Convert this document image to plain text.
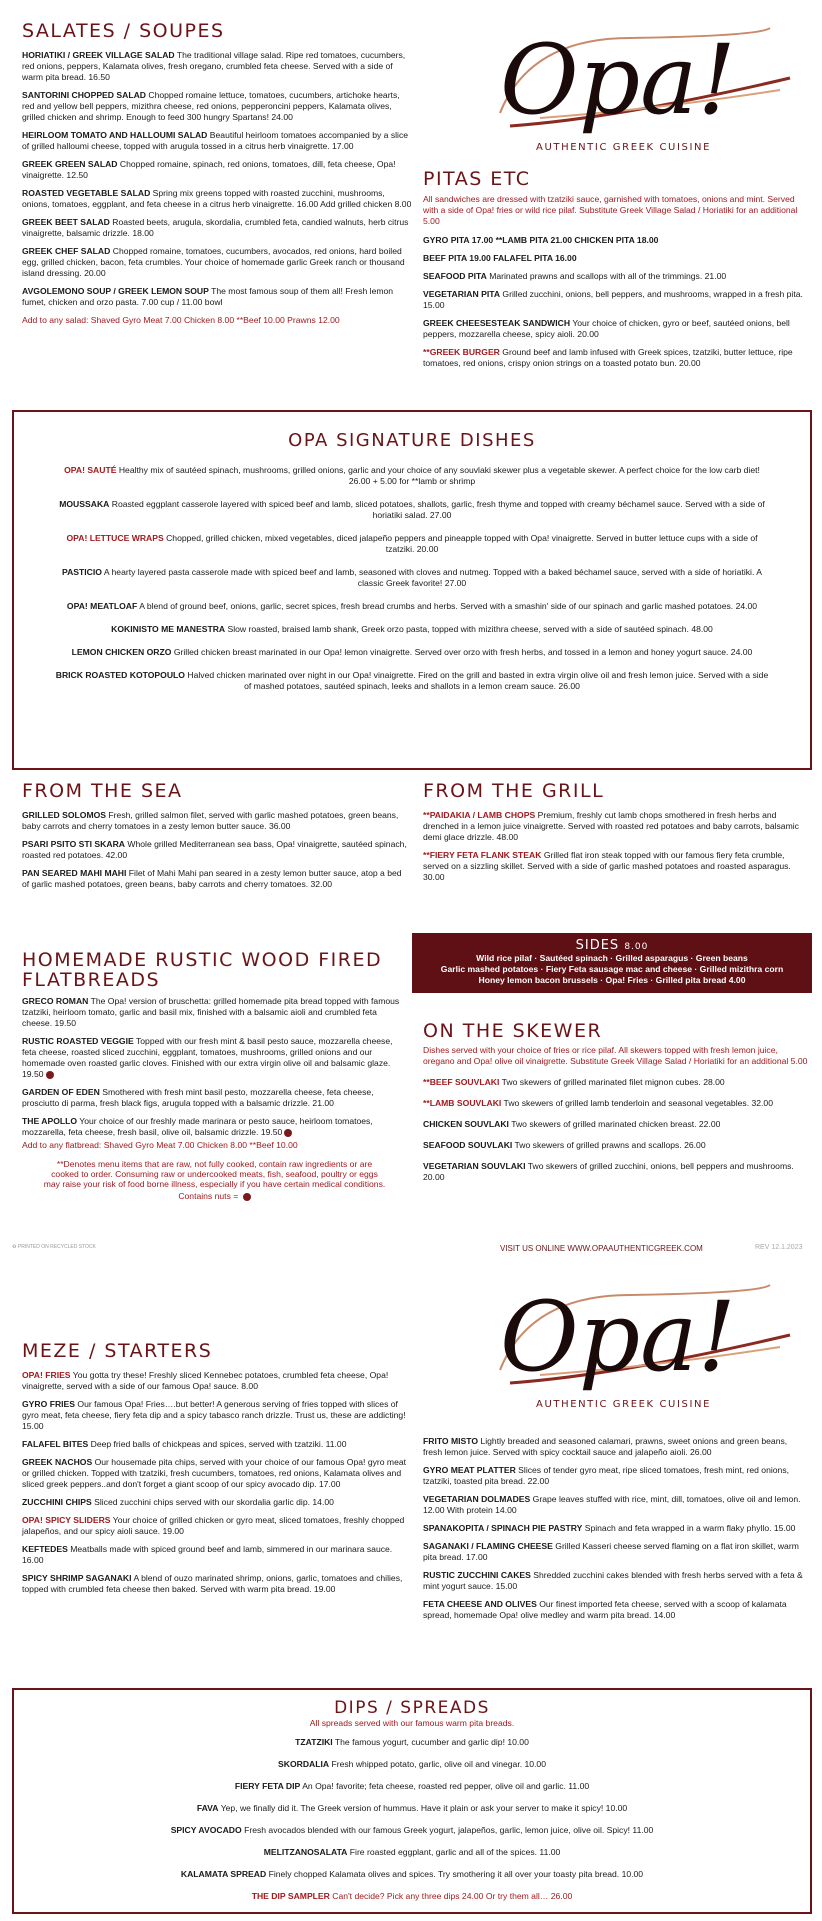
SALATES / SOUPES
HORIATIKI / GREEK VILLAGE SALAD The traditional village salad. Ripe red tomatoes, cucumbers, red onions, peppers, Kalamata olives, fresh oregano, crumbled feta cheese. Served with a side of warm pita bread. 16.50
SANTORINI CHOPPED SALAD Chopped romaine lettuce, tomatoes, cucumbers, artichoke hearts, red and yellow bell peppers, mizithra cheese, red onions, pepperoncini peppers, Kalamata olives, grilled chicken and shrimp. Enough to feed 300 hungry Spartans! 24.00
HEIRLOOM TOMATO AND HALLOUMI SALAD Beautiful heirloom tomatoes accompanied by a slice of grilled halloumi cheese, topped with arugula tossed in a citrus herb vinaigrette. 17.00
GREEK GREEN SALAD Chopped romaine, spinach, red onions, tomatoes, dill, feta cheese, Opa! vinaigrette. 12.50
ROASTED VEGETABLE SALAD Spring mix greens topped with roasted zucchini, mushrooms, onions, tomatoes, eggplant, and feta cheese in a citrus herb vinaigrette. 16.00 Add grilled chicken 8.00
GREEK BEET SALAD Roasted beets, arugula, skordalia, crumbled feta, candied walnuts, herb citrus vinaigrette, balsamic drizzle. 18.00
GREEK CHEF SALAD Chopped romaine, tomatoes, cucumbers, avocados, red onions, hard boiled egg, grilled chicken, bacon, feta crumbles. Your choice of homemade garlic Greek ranch or thousand island dressing. 20.00
AVGOLEMONO SOUP / GREEK LEMON SOUP The most famous soup of them all! Fresh lemon fumet, chicken and orzo pasta. 7.00 cup / 11.00 bowl
Add to any salad: Shaved Gyro Meat 7.00 Chicken 8.00 **Beef 10.00 Prawns 12.00
Opa!
AUTHENTIC GREEK CUISINE
PITAS ETC
All sandwiches are dressed with tzatziki sauce, garnished with tomatoes, onions and mint. Served with a side of Opa! fries or wild rice pilaf. Substitute Greek Village Salad / Horiatiki for an additional 5.00
GYRO PITA 17.00 **LAMB PITA 21.00 CHICKEN PITA 18.00
BEEF PITA 19.00 FALAFEL PITA 16.00
SEAFOOD PITA Marinated prawns and scallops with all of the trimmings. 21.00
VEGETARIAN PITA Grilled zucchini, onions, bell peppers, and mushrooms, wrapped in a fresh pita. 15.00
GREEK CHEESESTEAK SANDWICH Your choice of chicken, gyro or beef, sautéed onions, bell peppers, mozzarella cheese, spicy aioli. 20.00
**GREEK BURGER Ground beef and lamb infused with Greek spices, tzatziki, butter lettuce, ripe tomatoes, red onions, crispy onion strings on a toasted potato bun. 20.00
OPA SIGNATURE DISHES
OPA! SAUTÉ Healthy mix of sautéed spinach, mushrooms, grilled onions, garlic and your choice of any souvlaki skewer plus a vegetable skewer. A perfect choice for the low carb diet! 26.00 + 5.00 for **lamb or shrimp
MOUSSAKA Roasted eggplant casserole layered with spiced beef and lamb, sliced potatoes, shallots, garlic, fresh thyme and topped with creamy béchamel sauce. Served with a side of horiatiki salad. 27.00
OPA! LETTUCE WRAPS Chopped, grilled chicken, mixed vegetables, diced jalapeño peppers and pineapple topped with Opa! vinaigrette. Served in butter lettuce cups with a side of tzatziki. 20.00
PASTICIO A hearty layered pasta casserole made with spiced beef and lamb, seasoned with cloves and nutmeg. Topped with a baked béchamel sauce, served with a side of horiatiki. A classic Greek favorite! 27.00
OPA! MEATLOAF A blend of ground beef, onions, garlic, secret spices, fresh bread crumbs and herbs. Served with a smashin' side of our spinach and garlic mashed potatoes. 24.00
KOKINISTO ME MANESTRA Slow roasted, braised lamb shank, Greek orzo pasta, topped with mizithra cheese, served with a side of sautéed spinach. 48.00
LEMON CHICKEN ORZO Grilled chicken breast marinated in our Opa! lemon vinaigrette. Served over orzo with fresh herbs, and tossed in a lemon and honey yogurt sauce. 24.00
BRICK ROASTED KOTOPOULO Halved chicken marinated over night in our Opa! vinaigrette. Fired on the grill and basted in extra virgin olive oil and fresh lemon juice. Served with a side of mashed potatoes, sautéed spinach, leeks and shallots in a lemon cream sauce. 26.00
FROM THE SEA
GRILLED SOLOMOS Fresh, grilled salmon filet, served with garlic mashed potatoes, green beans, baby carrots and cherry tomatoes in a zesty lemon butter sauce. 36.00
PSARI PSITO STI SKARA Whole grilled Mediterranean sea bass, Opa! vinaigrette, sautéed spinach, roasted red potatoes. 42.00
PAN SEARED MAHI MAHI Filet of Mahi Mahi pan seared in a zesty lemon butter sauce, atop a bed of garlic mashed potatoes, green beans, baby carrots and cherry tomatoes. 32.00
FROM THE GRILL
**PAIDAKIA / LAMB CHOPS Premium, freshly cut lamb chops smothered in fresh herbs and drenched in a lemon juice vinaigrette. Served with roasted red potatoes and baby carrots, balsamic demi glace drizzle. 48.00
**FIERY FETA FLANK STEAK Grilled flat iron steak topped with our famous fiery feta crumble, served on a sizzling skillet. Served with a side of garlic mashed potatoes and roasted asparagus. 30.00
HOMEMADE RUSTIC WOOD FIRED FLATBREADS
GRECO ROMAN The Opa! version of bruschetta: grilled homemade pita bread topped with famous tzatziki, heirloom tomato, garlic and basil mix, finished with a balsamic aioli and crumbled feta cheese. 19.50
RUSTIC ROASTED VEGGIE Topped with our fresh mint & basil pesto sauce, mozzarella cheese, feta cheese, roasted sliced zucchini, eggplant, tomatoes, mushrooms, grilled onions and our homemade oven roasted garlic cloves. Finished with our extra virgin olive oil and balsamic glaze. 19.50
GARDEN OF EDEN Smothered with fresh mint basil pesto, mozzarella cheese, feta cheese, prosciutto di parma, fresh black figs, arugula topped with a balsamic drizzle. 21.00
THE APOLLO Your choice of our freshly made marinara or pesto sauce, heirloom tomatoes, mozzarella, feta cheese, fresh basil, olive oil, balsamic drizzle. 19.50
Add to any flatbread: Shaved Gyro Meat 7.00 Chicken 8.00 **Beef 10.00
**Denotes menu items that are raw, not fully cooked, contain raw ingredients or are cooked to order. Consuming raw or undercooked meats, fish, seafood, poultry or eggs may raise your risk of food borne illness, especially if you have certain medical conditions.
Contains nuts =
SIDES 8.00
Wild rice pilaf · Sautéed spinach · Grilled asparagus · Green beans
Garlic mashed potatoes · Fiery Feta sausage mac and cheese · Grilled mizithra corn
Honey lemon bacon brussels · Opa! Fries · Grilled pita bread 4.00
ON THE SKEWER
Dishes served with your choice of fries or rice pilaf. All skewers topped with fresh lemon juice, oregano and Opa! olive oil vinaigrette. Substitute Greek Village Salad / Horiatiki for an additional 5.00
**BEEF SOUVLAKI Two skewers of grilled marinated filet mignon cubes. 28.00
**LAMB SOUVLAKI Two skewers of grilled lamb tenderloin and seasonal vegetables. 32.00
CHICKEN SOUVLAKI Two skewers of grilled marinated chicken breast. 22.00
SEAFOOD SOUVLAKI Two skewers of grilled prawns and scallops. 26.00
VEGETARIAN SOUVLAKI Two skewers of grilled zucchini, onions, bell peppers and mushrooms. 20.00
♻ PRINTED ON RECYCLED STOCK	VISIT US ONLINE WWW.OPAAUTHENTICGREEK.COM	REV 12.1.2023
Opa!
AUTHENTIC GREEK CUISINE
MEZE / STARTERS
OPA! FRIES You gotta try these! Freshly sliced Kennebec potatoes, crumbled feta cheese, Opa! vinaigrette, served with a side of our famous Opa! sauce. 8.00
GYRO FRIES Our famous Opa! Fries….but better! A generous serving of fries topped with slices of gyro meat, feta cheese, fiery feta dip and a spicy tabasco ranch drizzle. Trust us, these are addicting! 15.00
FALAFEL BITES Deep fried balls of chickpeas and spices, served with tzatziki. 11.00
GREEK NACHOS Our housemade pita chips, served with your choice of our famous Opa! gyro meat or grilled chicken. Topped with tzatziki, fresh cucumbers, tomatoes, red onions, Kalamata olives and sliced greek peppers..and don't forget a giant scoop of our spicy avocado dip. 17.00
ZUCCHINI CHIPS Sliced zucchini chips served with our skordalia garlic dip. 14.00
OPA! SPICY SLIDERS Your choice of grilled chicken or gyro meat, sliced tomatoes, freshly chopped jalapeños, and our spicy aioli sauce. 19.00
KEFTEDES Meatballs made with spiced ground beef and lamb, simmered in our marinara sauce. 16.00
SPICY SHRIMP SAGANAKI A blend of ouzo marinated shrimp, onions, garlic, tomatoes and chilies, topped with crumbled feta cheese then baked. Served with warm pita bread. 19.00
FRITO MISTO Lightly breaded and seasoned calamari, prawns, sweet onions and green beans, fresh lemon juice. Served with spicy cocktail sauce and jalapeño aioli. 26.00
GYRO MEAT PLATTER Slices of tender gyro meat, ripe sliced tomatoes, fresh mint, red onions, tzatziki, toasted pita bread. 22.00
VEGETARIAN DOLMADES Grape leaves stuffed with rice, mint, dill, tomatoes, olive oil and lemon. 12.00 With protein 14.00
SPANAKOPITA / SPINACH PIE PASTRY Spinach and feta wrapped in a warm flaky phyllo. 15.00
SAGANAKI / FLAMING CHEESE Grilled Kasseri cheese served flaming on a flat iron skillet, warm pita bread. 17.00
RUSTIC ZUCCHINI CAKES Shredded zucchini cakes blended with fresh herbs served with a feta & mint yogurt sauce. 15.00
FETA CHEESE AND OLIVES Our finest imported feta cheese, served with a scoop of kalamata spread, homemade Opa! olive medley and warm pita bread. 14.00
DIPS / SPREADS
All spreads served with our famous warm pita breads.
TZATZIKI The famous yogurt, cucumber and garlic dip! 10.00
SKORDALIA Fresh whipped potato, garlic, olive oil and vinegar. 10.00
FIERY FETA DIP An Opa! favorite; feta cheese, roasted red pepper, olive oil and garlic. 11.00
FAVA Yep, we finally did it. The Greek version of hummus. Have it plain or ask your server to make it spicy! 10.00
SPICY AVOCADO Fresh avocados blended with our famous Greek yogurt, jalapeños, garlic, lemon juice, olive oil. Spicy! 11.00
MELITZANOSALATA Fire roasted eggplant, garlic and all of the spices. 11.00
KALAMATA SPREAD Finely chopped Kalamata olives and spices. Try smothering it all over your toasty pita bread. 10.00
THE DIP SAMPLER Can't decide? Pick any three dips 24.00 Or try them all… 26.00
